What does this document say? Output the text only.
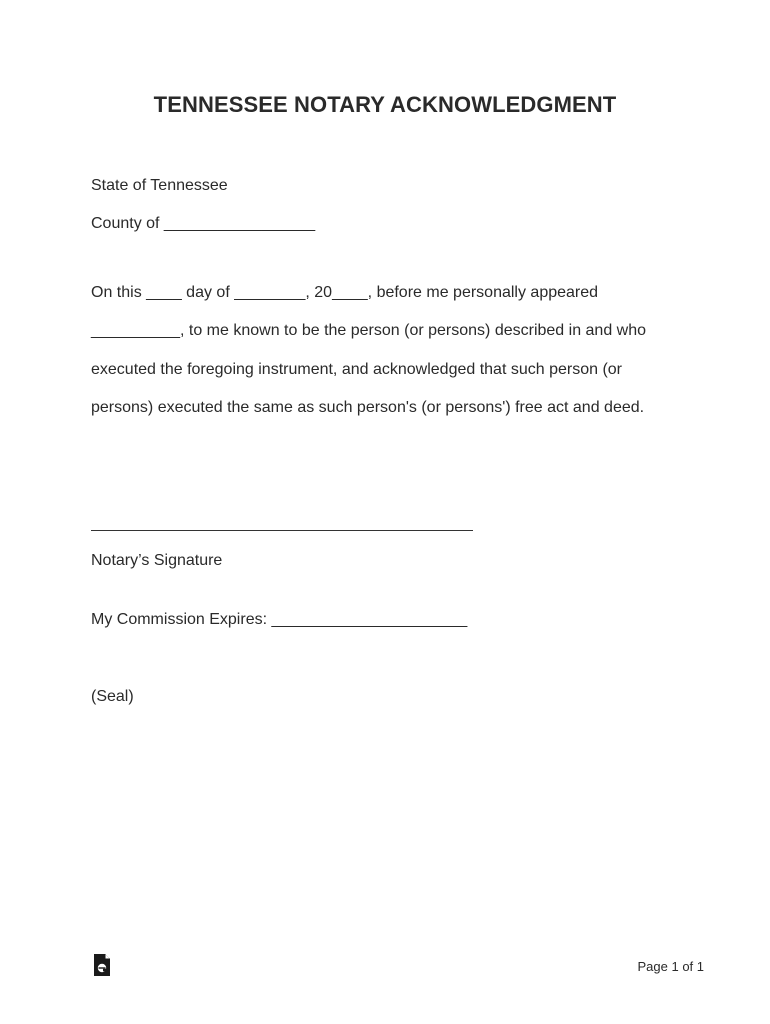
TENNESSEE NOTARY ACKNOWLEDGMENT
State of Tennessee
County of _________________
On this ____ day of ________, 20____, before me personally appeared
__________, to me known to be the person (or persons) described in and who
executed the foregoing instrument, and acknowledged that such person (or
persons) executed the same as such person's (or persons') free act and deed.
Notary’s Signature
My Commission Expires: ______________________
(Seal)
Page 1 of 1
